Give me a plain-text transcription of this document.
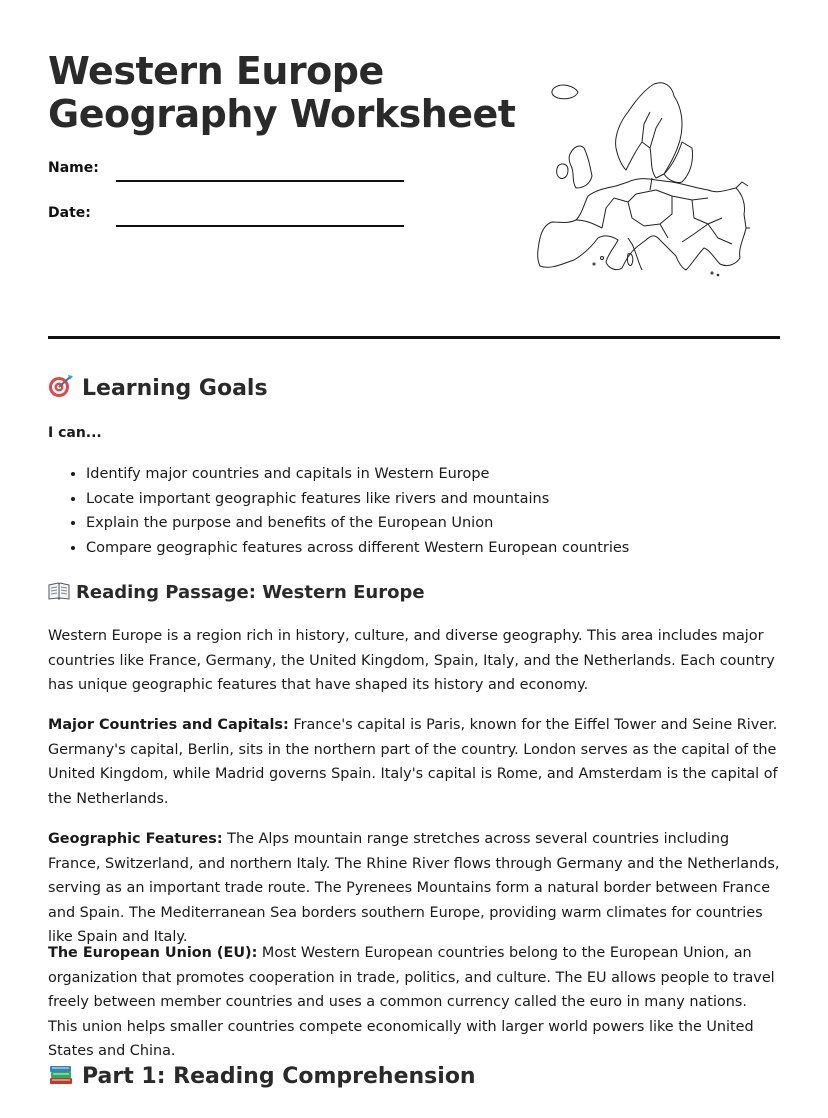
Western Europe
Geography Worksheet
Name:
Date:
Learning Goals
I can...
• Identify major countries and capitals in Western Europe
• Locate important geographic features like rivers and mountains
• Explain the purpose and benefits of the European Union
• Compare geographic features across different Western European countries
Reading Passage: Western Europe

Western Europe is a region rich in history, culture, and diverse geography. This area includes major countries like France, Germany, the United Kingdom, Spain, Italy, and the Netherlands. Each country has unique geographic features that have shaped its history and economy.

Major Countries and Capitals: France's capital is Paris, known for the Eiffel Tower and Seine River. Germany's capital, Berlin, sits in the northern part of the country. London serves as the capital of the United Kingdom, while Madrid governs Spain. Italy's capital is Rome, and Amsterdam is the capital of the Netherlands.

Geographic Features: The Alps mountain range stretches across several countries including France, Switzerland, and northern Italy. The Rhine River flows through Germany and the Netherlands, serving as an important trade route. The Pyrenees Mountains form a natural border between France and Spain. The Mediterranean Sea borders southern Europe, providing warm climates for countries like Spain and Italy.

The European Union (EU): Most Western European countries belong to the European Union, an organization that promotes cooperation in trade, politics, and culture. The EU allows people to travel freely between member countries and uses a common currency called the euro in many nations. This union helps smaller countries compete economically with larger world powers like the United States and China.

Part 1: Reading Comprehension
